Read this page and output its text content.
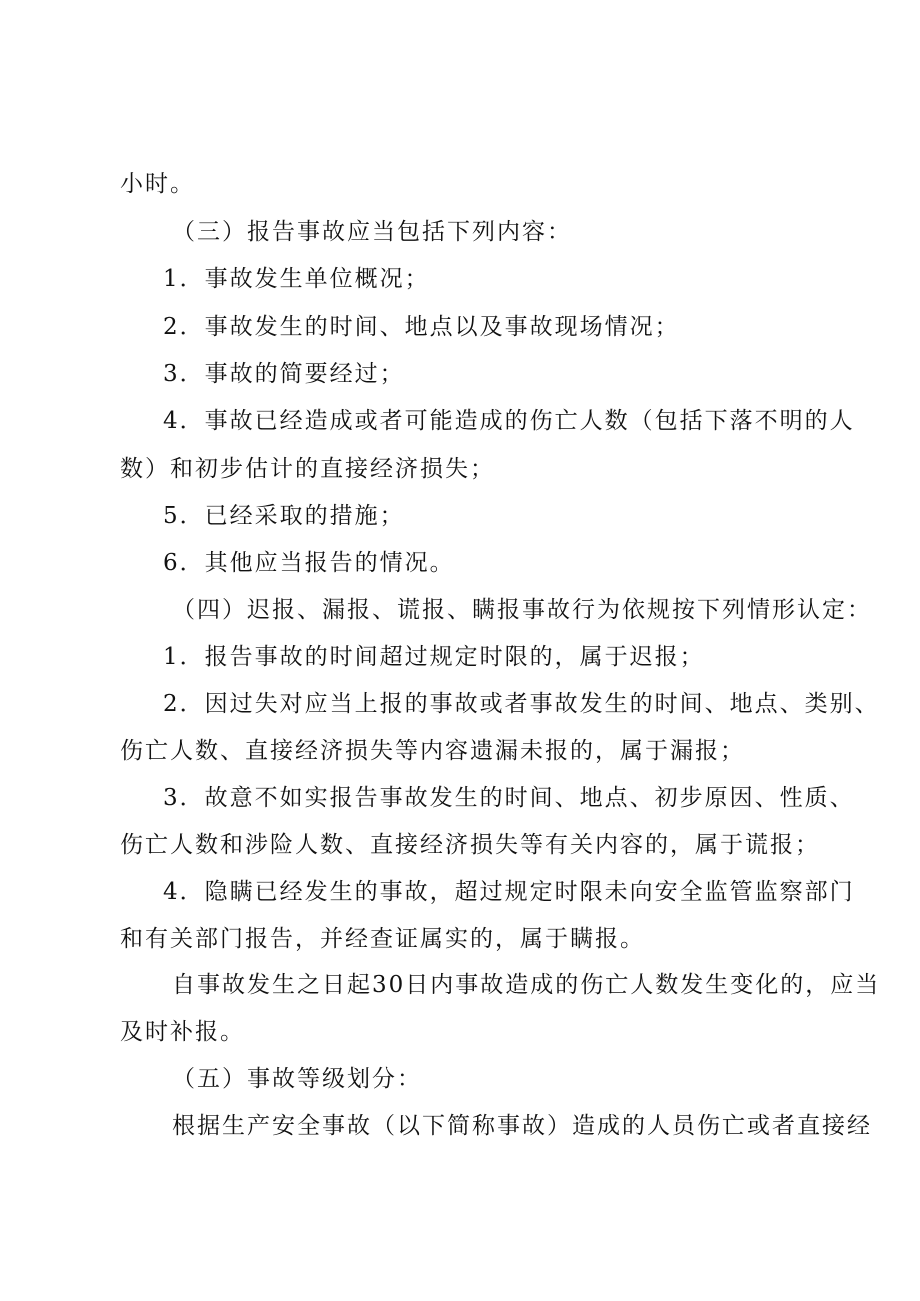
小时。
（三）报告事故应当包括下列内容：
1．事故发生单位概况；
2．事故发生的时间、地点以及事故现场情况；
3．事故的简要经过；
4．事故已经造成或者可能造成的伤亡人数（包括下落不明的人
数）和初步估计的直接经济损失；
5．已经采取的措施；
6．其他应当报告的情况。
（四）迟报、漏报、谎报、瞒报事故行为依规按下列情形认定：
1．报告事故的时间超过规定时限的，属于迟报；
2．因过失对应当上报的事故或者事故发生的时间、地点、类别、
伤亡人数、直接经济损失等内容遗漏未报的，属于漏报；
3．故意不如实报告事故发生的时间、地点、初步原因、性质、
伤亡人数和涉险人数、直接经济损失等有关内容的，属于谎报；
4．隐瞒已经发生的事故，超过规定时限未向安全监管监察部门
和有关部门报告，并经查证属实的，属于瞒报。
自事故发生之日起30日内事故造成的伤亡人数发生变化的，应当
及时补报。
（五）事故等级划分：
根据生产安全事故（以下简称事故）造成的人员伤亡或者直接经
